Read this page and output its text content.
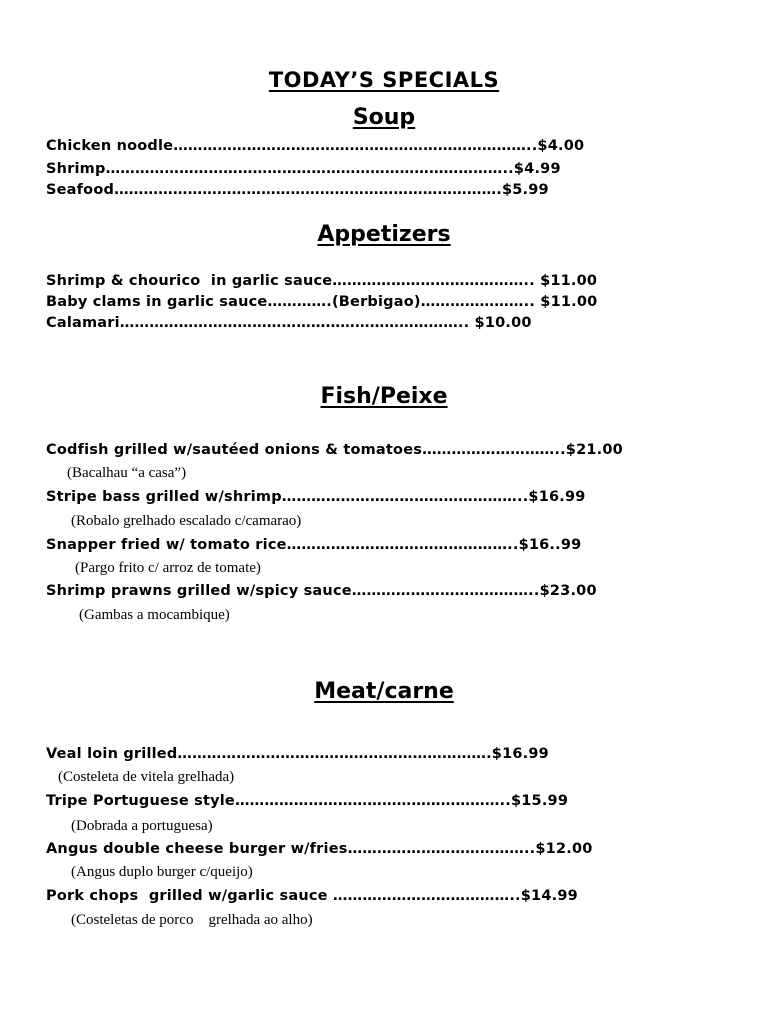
TODAY’S SPECIALS
Soup
Chicken noodle………………………………………………………………..$4.00
Shrimp………………………………………………………………………..$4.99
Seafood…………………………………………………………………….$5.99
Appetizers
Shrimp & chourico  in garlic sauce………………………………….. $11.00
Baby clams in garlic sauce………….(Berbigao)………………….. $11.00
Calamari…………………………………………………………….. $10.00
Fish/Peixe
Codfish grilled w/sautéed onions & tomatoes………………………..$21.00
(Bacalhau “a casa”)
Stripe bass grilled w/shrimp…………………………………………..$16.99
(Robalo grelhado escalado c/camarao)
Snapper fried w/ tomato rice………………………………………..$16..99
(Pargo frito c/ arroz de tomate)
Shrimp prawns grilled w/spicy sauce………………………………..$23.00
(Gambas a mocambique)
Meat/carne
Veal loin grilled……………………………………………………….$16.99
(Costeleta de vitela grelhada)
Tripe Portuguese style………………………………………………..$15.99
(Dobrada a portuguesa)
Angus double cheese burger w/fries………………………………..$12.00
(Angus duplo burger c/queijo)
Pork chops  grilled w/garlic sauce ………………………………..$14.99
(Costeletas de porco    grelhada ao alho)
